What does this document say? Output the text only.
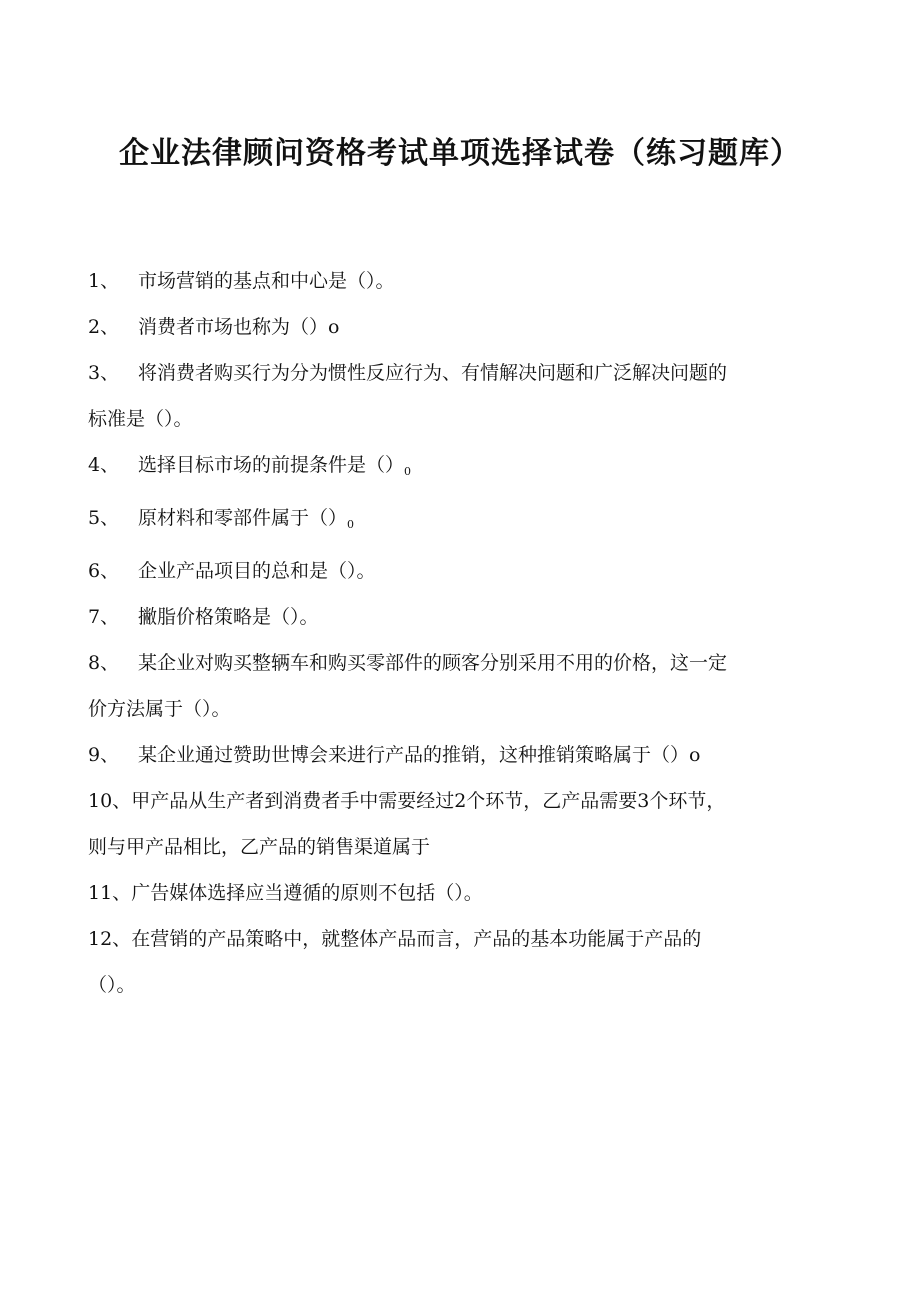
企业法律顾问资格考试单项选择试卷（练习题库）
1、 市场营销的基点和中心是（）。
2、 消费者市场也称为（）o
3、 将消费者购买行为分为惯性反应行为、有情解决问题和广泛解决问题的
标准是（）。
4、 选择目标市场的前提条件是$()_0$
5、 原材料和零部件属于$()_0$
6、 企业产品项目的总和是（）。
7、 撇脂价格策略是（）。
8、 某企业对购买整辆车和购买零部件的顾客分别采用不用的价格，这一定
价方法属于（）。
9、 某企业通过赞助世博会来进行产品的推销，这种推销策略属于（）o
10、甲产品从生产者到消费者手中需要经过2个环节，乙产品需要3个环节，
则与甲产品相比，乙产品的销售渠道属于
11、广告媒体选择应当遵循的原则不包括（）。
12、在营销的产品策略中，就整体产品而言，产品的基本功能属于产品的
（）。
